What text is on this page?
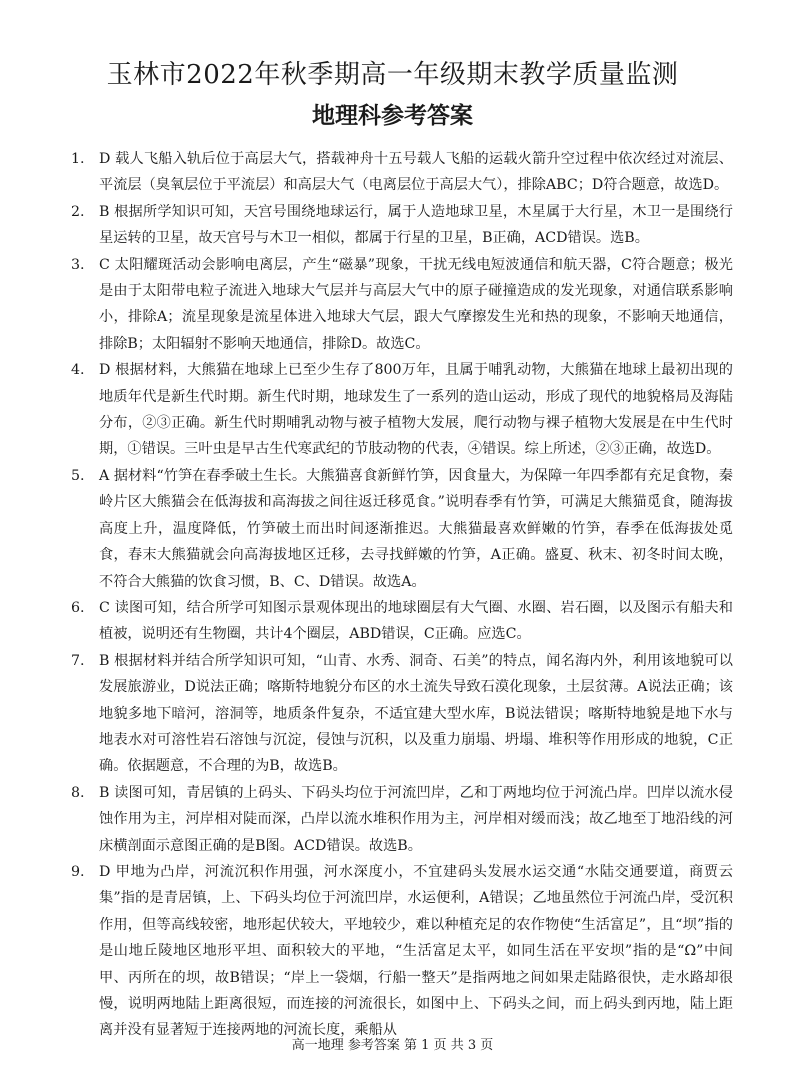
玉林市2022年秋季期高一年级期末教学质量监测
地理科参考答案
1.	D 载人飞船入轨后位于高层大气，搭载神舟十五号载人飞船的运载火箭升空过程中依次经过对流层、平流层（臭氧层位于平流层）和高层大气（电离层位于高层大气），排除ABC；D符合题意，故选D。
2.	B 根据所学知识可知，天宫号围绕地球运行，属于人造地球卫星，木星属于大行星，木卫一是围绕行星运转的卫星，故天宫号与木卫一相似，都属于行星的卫星，B正确，ACD错误。选B。
3.	C 太阳耀斑活动会影响电离层，产生“磁暴”现象，干扰无线电短波通信和航天器，C符合题意；极光是由于太阳带电粒子流进入地球大气层并与高层大气中的原子碰撞造成的发光现象，对通信联系影响小，排除A；流星现象是流星体进入地球大气层，跟大气摩擦发生光和热的现象，不影响天地通信，排除B；太阳辐射不影响天地通信，排除D。故选C。
4.	D 根据材料，大熊猫在地球上已至少生存了800万年，且属于哺乳动物，大熊猫在地球上最初出现的地质年代是新生代时期。新生代时期，地球发生了一系列的造山运动，形成了现代的地貌格局及海陆分布，②③正确。新生代时期哺乳动物与被子植物大发展，爬行动物与裸子植物大发展是在中生代时期，①错误。三叶虫是早古生代寒武纪的节肢动物的代表，④错误。综上所述，②③正确，故选D。
5.	A 据材料“竹笋在春季破土生长。大熊猫喜食新鲜竹笋，因食量大，为保障一年四季都有充足食物，秦岭片区大熊猫会在低海拔和高海拔之间往返迁移觅食。”说明春季有竹笋，可满足大熊猫觅食，随海拔高度上升，温度降低，竹笋破土而出时间逐渐推迟。大熊猫最喜欢鲜嫩的竹笋，春季在低海拔处觅食，春末大熊猫就会向高海拔地区迁移，去寻找鲜嫩的竹笋，A正确。盛夏、秋末、初冬时间太晚，不符合大熊猫的饮食习惯，B、C、D错误。故选A。
6.	C 读图可知，结合所学可知图示景观体现出的地球圈层有大气圈、水圈、岩石圈，以及图示有船夫和植被，说明还有生物圈，共计4个圈层，ABD错误，C正确。应选C。
7.	B 根据材料并结合所学知识可知，“山青、水秀、洞奇、石美”的特点，闻名海内外，利用该地貌可以发展旅游业，D说法正确；喀斯特地貌分布区的水土流失导致石漠化现象，土层贫薄。A说法正确；该地貌多地下暗河，溶洞等，地质条件复杂，不适宜建大型水库，B说法错误；喀斯特地貌是地下水与地表水对可溶性岩石溶蚀与沉淀，侵蚀与沉积，以及重力崩塌、坍塌、堆积等作用形成的地貌，C正确。依据题意，不合理的为B，故选B。
8.	B 读图可知，青居镇的上码头、下码头均位于河流凹岸，乙和丁两地均位于河流凸岸。凹岸以流水侵蚀作用为主，河岸相对陡而深，凸岸以流水堆积作用为主，河岸相对缓而浅；故乙地至丁地沿线的河床横剖面示意图正确的是B图。ACD错误。故选B。
9.	D 甲地为凸岸，河流沉积作用强，河水深度小，不宜建码头发展水运交通“水陆交通要道，商贾云集”指的是青居镇，上、下码头均位于河流凹岸，水运便利，A错误；乙地虽然位于河流凸岸，受沉积作用，但等高线较密，地形起伏较大，平地较少，难以种植充足的农作物使“生活富足”，且“坝”指的是山地丘陵地区地形平坦、面积较大的平地，“生活富足太平，如同生活在平安坝”指的是“Ω”中间甲、丙所在的坝，故B错误；“岸上一袋烟，行船一整天”是指两地之间如果走陆路很快，走水路却很慢，说明两地陆上距离很短，而连接的河流很长，如图中上、下码头之间，而上码头到丙地，陆上距离并没有显著短于连接两地的河流长度，乘船从
高一地理 参考答案 第 1 页 共 3 页
